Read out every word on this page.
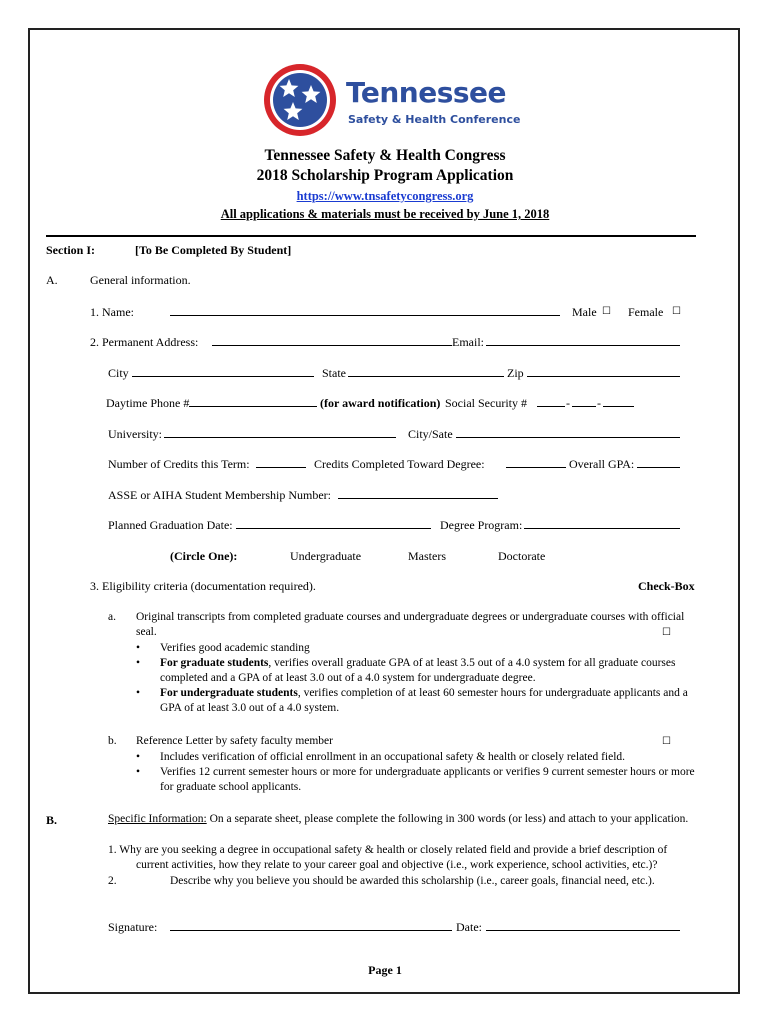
Tennessee
Safety & Health Conference
Tennessee Safety & Health Congress
2018 Scholarship Program Application
https://www.tnsafetycongress.org
All applications & materials must be received by June 1, 2018
Section I:	[To Be Completed By Student]
A.	General information.
1. Name:	Male ☐ Female ☐
2. Permanent Address:	Email:
City	State	Zip
Daytime Phone #	(for award notification) Social Security #	- -
University:	City/Sate
Number of Credits this Term:	Credits Completed Toward Degree:	Overall GPA:
ASSE or AIHA Student Membership Number:
Planned Graduation Date:	Degree Program:
(Circle One):	Undergraduate	Masters	Doctorate
3. Eligibility criteria (documentation required).	Check-Box
a. Original transcripts from completed graduate courses and undergraduate degrees or undergraduate courses with official
seal.	☐
• Verifies good academic standing
• For graduate students, verifies overall graduate GPA of at least 3.5 out of a 4.0 system for all graduate courses completed and a GPA of at least 3.0 out of a 4.0 system for undergraduate degree.
• For undergraduate students, verifies completion of at least 60 semester hours for undergraduate applicants and a GPA of at least 3.0 out of a 4.0 system.
b. Reference Letter by safety faculty member	☐
• Includes verification of official enrollment in an occupational safety & health or closely related field.
• Verifies 12 current semester hours or more for undergraduate applicants or verifies 9 current semester hours or more for graduate school applicants.
B.	Specific Information: On a separate sheet, please complete the following in 300 words (or less) and attach to your application.
1. Why are you seeking a degree in occupational safety & health or closely related field and provide a brief description of
current activities, how they relate to your career goal and objective (i.e., work experience, school activities, etc.)?
2.	Describe why you believe you should be awarded this scholarship (i.e., career goals, financial need, etc.).
Signature:	Date:
Page 1
